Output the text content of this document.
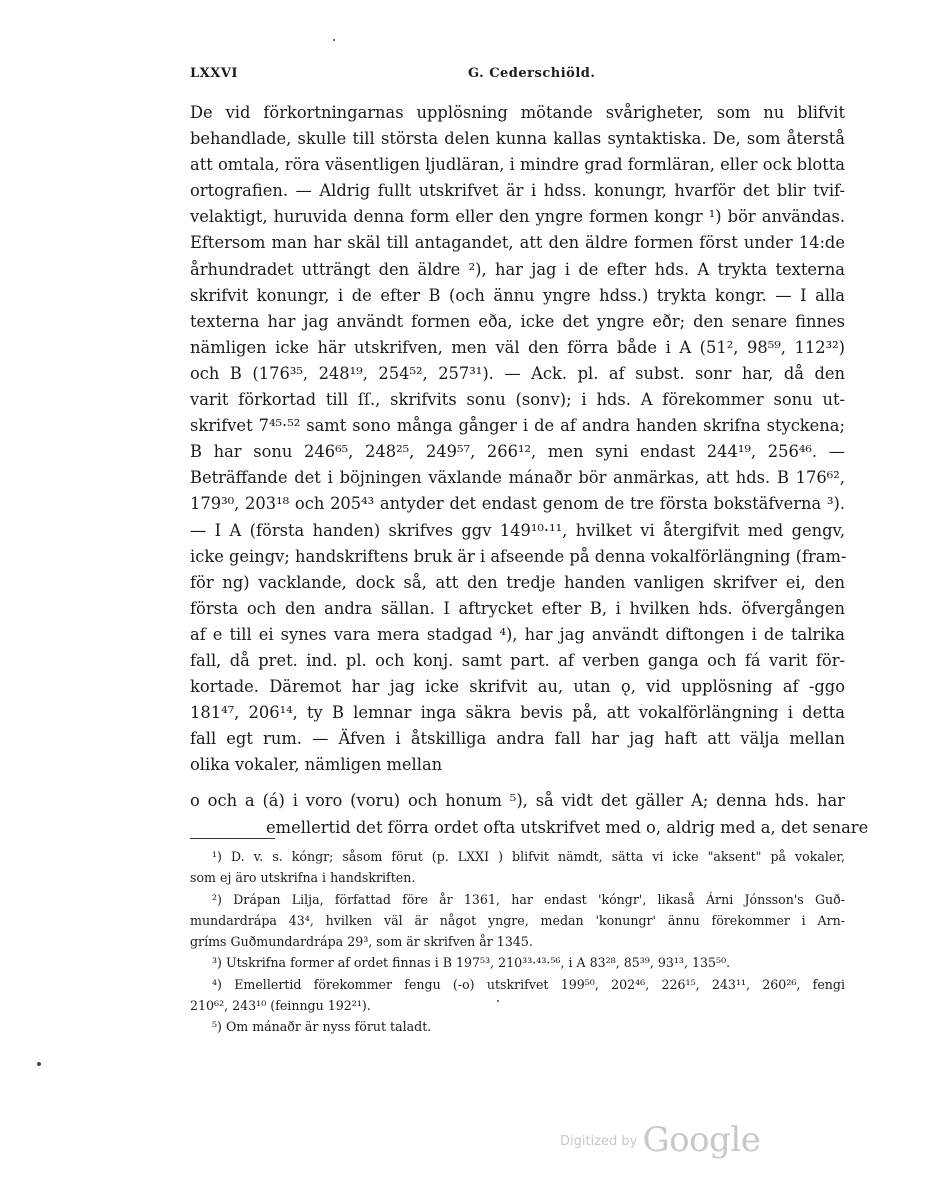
LXXVI	G. Cederschiöld.
De vid förkortningarnas upplösning mötande svårigheter, som nu blifvit
behandlade, skulle till största delen kunna kallas syntaktiska. De, som återstå
att omtala, röra väsentligen ljudläran, i mindre grad formläran, eller ock blotta
ortografien. — Aldrig fullt utskrifvet är i hdss. konungr, hvarför det blir tvif-
velaktigt, huruvida denna form eller den yngre formen kongr ¹) bör användas.
Eftersom man har skäl till antagandet, att den äldre formen först under 14:de
århundradet utträngt den äldre ²), har jag i de efter hds. A trykta texterna
skrifvit konungr, i de efter B (och ännu yngre hdss.) trykta kongr. — I alla
texterna har jag användt formen eða, icke det yngre eðr; den senare finnes
nämligen icke här utskrifven, men väl den förra både i A (51², 98⁵⁹, 112³²)
och B (176³⁵, 248¹⁹, 254⁵², 257³¹). — Ack. pl. af subst. sonr har, då den
varit förkortad till ſſ., skrifvits sonu (sonv); i hds. A förekommer sonu ut-
skrifvet 7⁴⁵·⁵² samt sono många gånger i de af andra handen skrifna styckena;
B har sonu 246⁶⁵, 248²⁵, 249⁵⁷, 266¹², men syni endast 244¹⁹, 256⁴⁶. —
Beträffande det i böjningen växlande mánaðr bör anmärkas, att hds. B 176⁶²,
179³⁰, 203¹⁸ och 205⁴³ antyder det endast genom de tre första bokstäfverna ³).
— I A (första handen) skrifves ggv 149¹⁰·¹¹, hvilket vi återgifvit med gengv,
icke geingv; handskriftens bruk är i afseende på denna vokalförlängning (fram-
för ng) vacklande, dock så, att den tredje handen vanligen skrifver ei, den
första och den andra sällan. I aftrycket efter B, i hvilken hds. öfvergången
af e till ei synes vara mera stadgad ⁴), har jag användt diftongen i de talrika
fall, då pret. ind. pl. och konj. samt part. af verben ganga och fá varit för-
kortade. Däremot har jag icke skrifvit au, utan ǫ, vid upplösning af -ggo
181⁴⁷, 206¹⁴, ty B lemnar inga säkra bevis på, att vokalförlängning i detta
fall egt rum. — Äfven i åtskilliga andra fall har jag haft att välja mellan
olika vokaler, nämligen mellan
o och a (á) i voro (voru) och honum ⁵), så vidt det gäller A; denna hds. har
emellertid det förra ordet ofta utskrifvet med o, aldrig med a, det senare
¹) D. v. s. kóngr; såsom förut (p. LXXI ) blifvit nämdt, sätta vi icke "aksent" på vokaler,
som ej äro utskrifna i handskriften.
²) Drápan Lilja, författad före år 1361, har endast 'kóngr', likaså Árni Jónsson's Guð-
mundardrápa 43⁴, hvilken väl är något yngre, medan 'konungr' ännu förekommer i Arn-
gríms Guðmundardrápa 29³, som är skrifven år 1345.
³) Utskrifna former af ordet finnas i B 197⁵³, 210³³·⁴³·⁵⁶, i A 83²⁸, 85³⁹, 93¹³, 135⁵⁰.
⁴) Emellertid förekommer fengu (-o) utskrifvet 199⁵⁰, 202⁴⁶, 226¹⁵, 243¹¹, 260²⁶, fengi
210⁶², 243¹⁰ (feinngu 192²¹).
⁵) Om mánaðr är nyss förut taladt.
$^{Digitized by}$ Google
